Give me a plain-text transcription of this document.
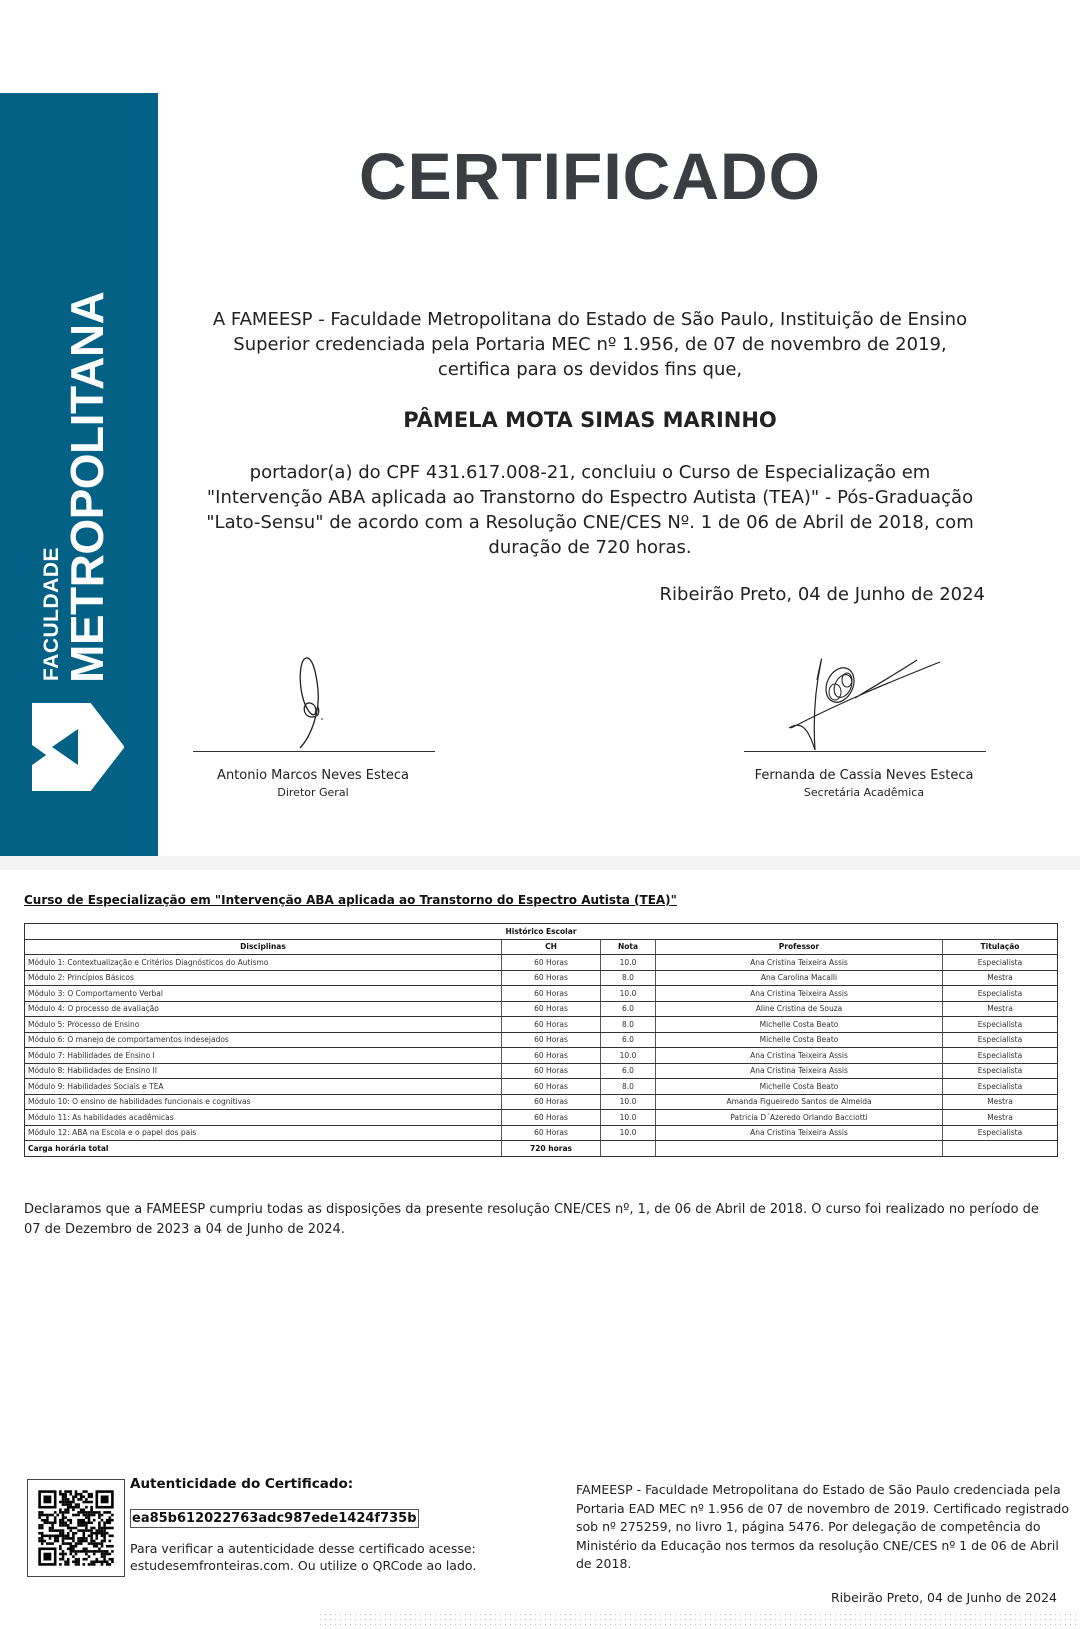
FACULDADE
METROPOLITANA
CERTIFICADO
A FAMEESP - Faculdade Metropolitana do Estado de São Paulo, Instituição de Ensino Superior credenciada pela Portaria MEC nº 1.956, de 07 de novembro de 2019, certifica para os devidos fins que,
PÂMELA MOTA SIMAS MARINHO
portador(a) do CPF 431.617.008-21, concluiu o Curso de Especialização em "Intervenção ABA aplicada ao Transtorno do Espectro Autista (TEA)" - Pós-Graduação "Lato-Sensu" de acordo com a Resolução CNE/CES Nº. 1 de 06 de Abril de 2018, com duração de 720 horas.
Ribeirão Preto, 04 de Junho de 2024
Antonio Marcos Neves Esteca
Diretor Geral
Fernanda de Cassia Neves Esteca
Secretária Acadêmica
Curso de Especialização em "Intervenção ABA aplicada ao Transtorno do Espectro Autista (TEA)"
Histórico Escolar				
Disciplinas	CH	Nota	Professor	Titulação
Módulo 1: Contextualização e Critérios Diagnósticos do Autismo	60 Horas	10.0	Ana Cristina Teixeira Assis	Especialista
Módulo 2: Princípios Básicos	60 Horas	8.0	Ana Carolina Macalli	Mestra
Módulo 3: O Comportamento Verbal	60 Horas	10.0	Ana Cristina Teixeira Assis	Especialista
Módulo 4: O processo de avaliação	60 Horas	6.0	Aline Cristina de Souza	Mestra
Módulo 5: Processo de Ensino	60 Horas	8.0	Michelle Costa Beato	Especialista
Módulo 6: O manejo de comportamentos indesejados	60 Horas	6.0	Michelle Costa Beato	Especialista
Módulo 7: Habilidades de Ensino I	60 Horas	10.0	Ana Cristina Teixeira Assis	Especialista
Módulo 8: Habilidades de Ensino II	60 Horas	6.0	Ana Cristina Teixeira Assis	Especialista
Módulo 9: Habilidades Sociais e TEA	60 Horas	8.0	Michelle Costa Beato	Especialista
Módulo 10: O ensino de habilidades funcionais e cognitivas	60 Horas	10.0	Amanda Figueiredo Santos de Almeida	Mestra
Módulo 11: As habilidades acadêmicas	60 Horas	10.0	Patricia D´Azeredo Orlando Bacciotti	Mestra
Módulo 12: ABA na Escola e o papel dos pais	60 Horas	10.0	Ana Cristina Teixeira Assis	Especialista
Carga horária total	720 horas			
Declaramos que a FAMEESP cumpriu todas as disposições da presente resolução CNE/CES nº, 1, de 06 de Abril de 2018. O curso foi realizado no período de 07 de Dezembro de 2023 a 04 de Junho de 2024.
Autenticidade do Certificado:
ea85b612022763adc987ede1424f735b
Para verificar a autenticidade desse certificado acesse: estudesemfronteiras.com. Ou utilize o QRCode ao lado.
FAMEESP - Faculdade Metropolitana do Estado de São Paulo credenciada pela Portaria EAD MEC nº 1.956 de 07 de novembro de 2019. Certificado registrado sob nº 275259, no livro 1, página 5476. Por delegação de competência do Ministério da Educação nos termos da resolução CNE/CES nº 1 de 06 de Abril de 2018.
Ribeirão Preto, 04 de Junho de 2024
